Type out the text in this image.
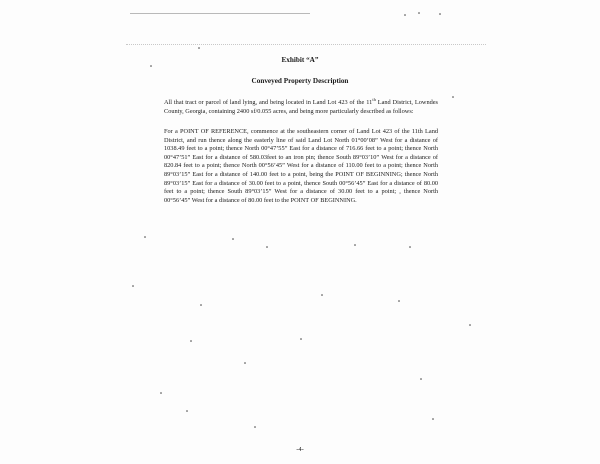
Exhibit “A”
Conveyed Property Description

All that tract or parcel of land lying, and being located in Land Lot 423 of the 11th Land District, Lowndes County, Georgia, containing 2400 sf/0.055 acres, and being more particularly described as follows:

For a POINT OF REFERENCE, commence at the southeastern corner of Land Lot 423 of the 11th Land District, and run thence along the easterly line of said Land Lot North 01°00’08” West for a distance of 1038.49 feet to a point; thence North 00°47’55” East for a distance of 716.66 feet to a point; thence North 00°47’51” East for a distance of 580.03feet to an iron pin; thence South 89°03’10” West for a distance of 820.84 feet to a point; thence North 00°56’45” West for a distance of 110.00 feet to a point; thence North 89°03’15” East for a distance of 140.00 feet to a point, being the POINT OF BEGINNING; thence North 89°03’15” East for a distance of 30.00 feet to a point, thence South 00°56’45” East for a distance of 80.00 feet to a point; thence South 89°03’15” West for a distance of 30.00 feet to a point; , thence North 00°56’45” West for a distance of 80.00 feet to the POINT OF BEGINNING.

-4-
